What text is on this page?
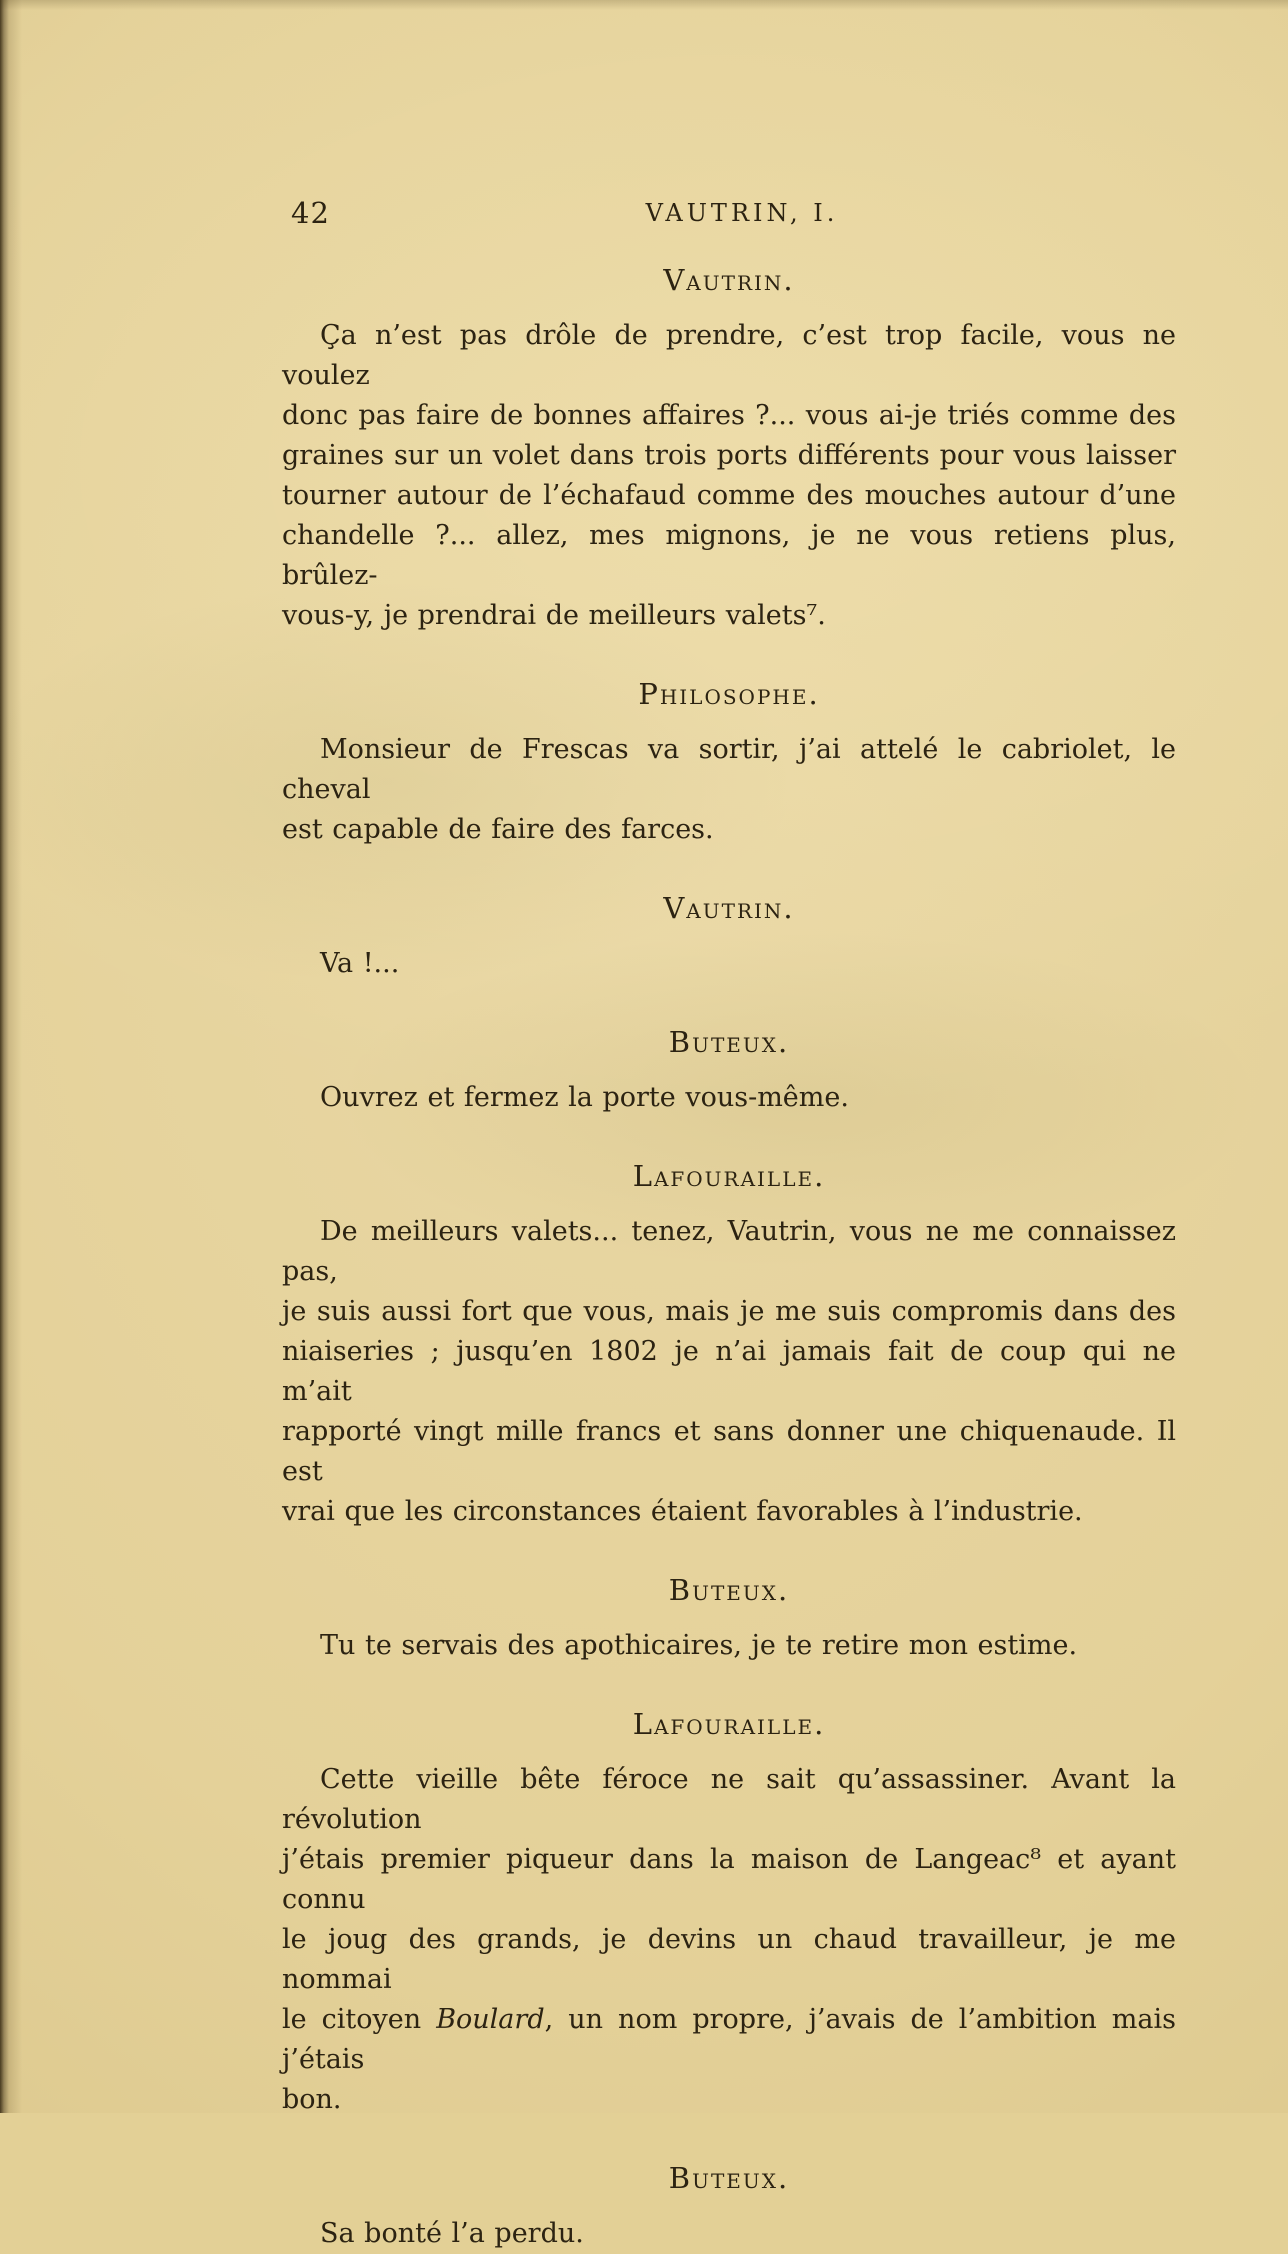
42	VAUTRIN, I.
Vautrin.
Ça n’est pas drôle de prendre, c’est trop facile, vous ne voulez
donc pas faire de bonnes affaires ?... vous ai-je triés comme des
graines sur un volet dans trois ports différents pour vous laisser
tourner autour de l’échafaud comme des mouches autour d’une
chandelle ?... allez, mes mignons, je ne vous retiens plus, brûlez-
vous-y, je prendrai de meilleurs valets⁷.
Philosophe.
Monsieur de Frescas va sortir, j’ai attelé le cabriolet, le cheval
est capable de faire des farces.
Vautrin.
Va !...
Buteux.
Ouvrez et fermez la porte vous-même.
Lafouraille.
De meilleurs valets... tenez, Vautrin, vous ne me connaissez pas,
je suis aussi fort que vous, mais je me suis compromis dans des
niaiseries ; jusqu’en 1802 je n’ai jamais fait de coup qui ne m’ait
rapporté vingt mille francs et sans donner une chiquenaude. Il est
vrai que les circonstances étaient favorables à l’industrie.
Buteux.
Tu te servais des apothicaires, je te retire mon estime.
Lafouraille.
Cette vieille bête féroce ne sait qu’assassiner. Avant la révolution
j’étais premier piqueur dans la maison de Langeac⁸ et ayant connu
le joug des grands, je devins un chaud travailleur, je me nommai
le citoyen Boulard, un nom propre, j’avais de l’ambition mais j’étais
bon.
Buteux.
Sa bonté l’a perdu.
